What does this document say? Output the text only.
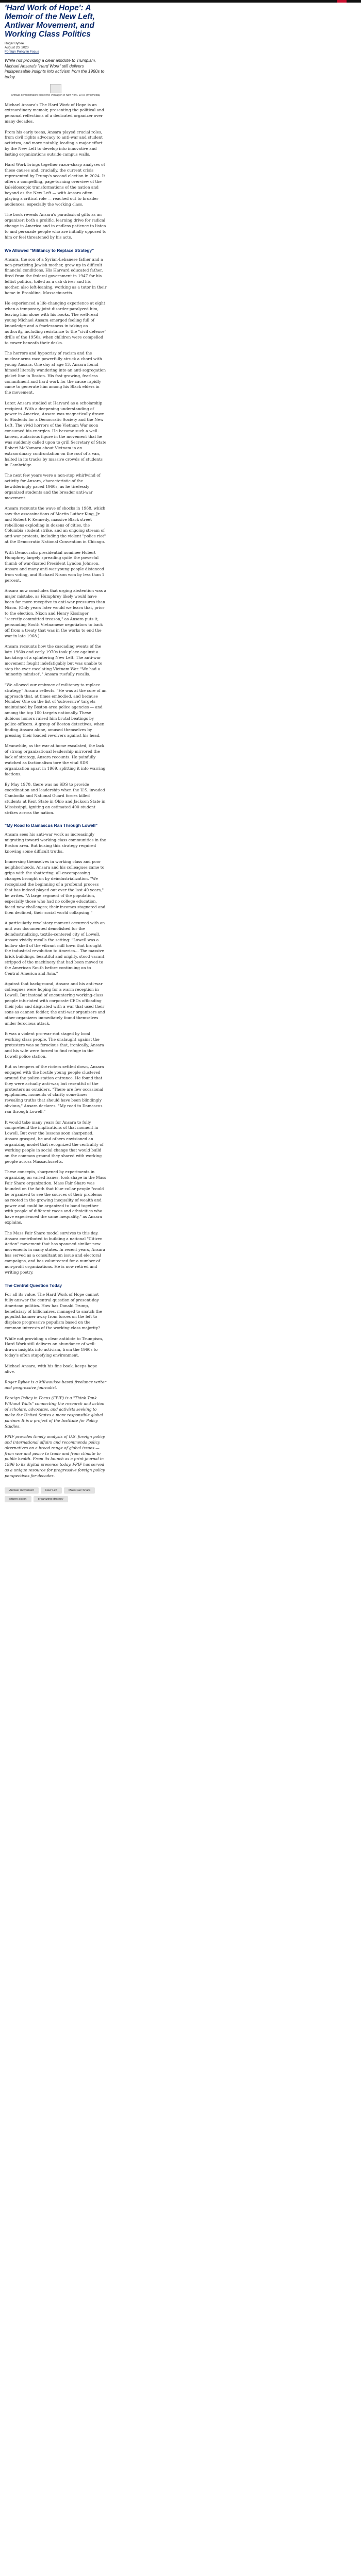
'Hard Work of Hope': A Memoir of the New Left, Antiwar Movement, and Working Class Politics
Roger Bybee
August 20, 2020
Foreign Policy in Focus
While not providing a clear antidote to Trumpism, Michael Ansara's "Hard Work" still delivers indispensable insights into activism from the 1960s to today.
Antiwar demonstrators picket the Pentagon in New York. 1970. (Wikimedia)

Michael Ansara's The Hard Work of Hope is an extraordinary memoir, presenting the political and personal reflections of a dedicated organizer over many decades.

From his early teens, Ansara played crucial roles, from civil rights advocacy to anti-war and student activism, and more notably, leading a major effort by the New Left to develop into innovative and lasting organizations outside campus walls.

Hard Work brings together razor-sharp analyses of these causes and, crucially, the current crisis represented by Trump's second election in 2024. It offers a compelling, page-turning overview of the kaleidoscopic transformations of the nation and beyond as the New Left — with Ansara often playing a critical role — reached out to broader audiences, especially the working class.

The book reveals Ansara's paradoxical gifts as an organizer: both a prolific, learning drive for radical change in America and in endless patience to listen to and persuade people who are initially opposed to him or feel threatened by his acts.

We Allowed "Militancy to Replace Strategy"

Ansara, the son of a Syrian-Lebanese father and a non-practicing Jewish mother, grew up in difficult financial conditions. His Harvard educated father, fired from the federal government in 1947 for his leftist politics, toiled as a cab driver and his mother, also left-leaning, working as a tutor in their home in Brookline, Massachusetts.

He experienced a life-changing experience at eight when a temporary joint disorder paralyzed him, leaving him alone with his books. The well-read young Michael Ansara emerged feeling full of knowledge and a fearlessness in taking on authority, including resistance to the "civil defense" drills of the 1950s, when children were compelled to cower beneath their desks.

The horrors and hypocrisy of racism and the nuclear arms race powerfully struck a chord with young Ansara. One day at age 13, Ansara found himself literally wandering into an anti-segregation picket line in Boston. His fast-growing, fearless commitment and hard work for the cause rapidly came to generate him among his Black elders in the movement.

Later, Ansara studied at Harvard as a scholarship recipient. With a deepening understanding of power in America, Ansara was magnetically drawn to Students for a Democratic Society and the New Left. The vivid horrors of the Vietnam War soon consumed his energies. He became such a well-known, audacious figure in the movement that he was suddenly called upon to grill Secretary of State Robert McNamara about Vietnam in an extraordinary confrontation on the roof of a van, halted in its tracks by massive crowds of students in Cambridge.

The next few years were a non-stop whirlwind of activity for Ansara, characteristic of the bewilderingly paced 1960s, as he tirelessly organized students and the broader anti-war movement.

Ansara recounts the wave of shocks in 1968, which saw the assassinations of Martin Luther King, Jr. and Robert F. Kennedy, massive Black street rebellions exploding in dozens of cities, the Columbia student strike, and an ongoing stream of anti-war protests, including the violent "police riot" at the Democratic National Convention in Chicago.

With Democratic presidential nominee Hubert Humphrey largely spreading quite the powerful thumb of war-fixated President Lyndon Johnson, Ansara and many anti-war young people distanced from voting, and Richard Nixon won by less than 1 percent.

Ansara now concludes that urging abstention was a major mistake, as Humphrey likely would have been far more receptive to anti-war pressures than Nixon. (Only years later would we learn that, prior to the election, Nixon and Henry Kissinger "secretly committed treason," as Ansara puts it, persuading South Vietnamese negotiators to back off from a treaty that was in the works to end the war in late 1968.)

Ansara recounts how the cascading events of the late 1960s and early 1970s took place against a backdrop of a splintering New Left. The anti-war movement fought indefatigably but was unable to stop the ever-escalating Vietnam War. "We had a 'minority mindset'," Ansara ruefully recalls.

"We allowed our embrace of militancy to replace strategy," Ansara reflects. "He was at the core of an approach that, at times embodied, and because Number One on the list of 'subversive' targets maintained by Boston-area police agencies — and among the top 100 targets nationally. These dubious honors raised him brutal beatings by police officers. A group of Boston detectives, when finding Ansara alone, amused themselves by pressing their loaded revolvers against his head.

Meanwhile, as the war at home escalated, the lack of strong organizational leadership mirrored the lack of strategy, Ansara recounts. He painfully watched as factionalism tore the vital SDS organization apart in 1969, splitting it into warring factions.

By May 1970, there was no SDS to provide coordination and leadership when the U.S. invaded Cambodia and National Guard forces killed students at Kent State in Ohio and Jackson State in Mississippi, igniting an estimated 400 student strikes across the nation.

"My Road to Damascus Ran Through Lowell"

Ansara sees his anti-war work as increasingly migrating toward working-class communities in the Boston area. But busing this strategy required knowing some difficult truths.

Immersing themselves in working class and poor neighborhoods, Ansara and his colleagues came to grips with the shattering, all-encompassing changes brought on by deindustrialization. "We recognized the beginning of a profound process that has indeed played out over the last 40 years," he writes. "A large segment of the population, especially those who had no college education, faced new challenges; their incomes stagnated and then declined, their social world collapsing."

A particularly revelatory moment occurred with an unit was documented demolished for the deindustrializing, textile-centered city of Lowell. Ansara vividly recalls the setting: "Lowell was a hollow shell of the vibrant mill town that brought the industrial revolution to America... The massive brick buildings, beautiful and mighty, stood vacant, stripped of the machinery that had been moved to the American South before continuing on to Central America and Asia."

Against that background, Ansara and his anti-war colleagues were hoping for a warm reception in Lowell. But instead of encountering working-class people infuriated with corporate CEOs offloading their jobs and disgusted with a war that used their sons as cannon fodder, the anti-war organizers and other organizers immediately found themselves under ferocious attack.

It was a violent pro-war riot staged by local working class people. The onslaught against the protesters was so ferocious that, ironically, Ansara and his wife were forced to find refuge in the Lowell police station.

But as tempers of the rioters settled down, Ansara engaged with the hostile young people clustered around the police-station entrance. He found that they were actually anti-war, but resentful of the protesters as outsiders. "There are few occasional epiphanies, moments of clarity sometimes revealing truths that should have been blindingly obvious," Ansara declares. "My road to Damascus ran through Lowell."

It would take many years for Ansara to fully comprehend the implications of that moment in Lowell. But over the lessons soon sharpened. Ansara grasped, he and others envisioned an organizing model that recognized the centrality of working people in social change that would build on the common ground they shared with working people across Massachusetts.

These concepts, sharpened by experiments in organizing on varied issues, took shape in the Mass Fair Share organization. Mass Fair Share was founded on the faith that blue-collar people "could be organized to see the sources of their problems as rooted in the growing inequality of wealth and power and could be organized to band together with people of different races and ethnicities who have experienced the same inequality," as Ansara explains.

The Mass Fair Share model survives to this day. Ansara contributed to building a national "Citizen Action" movement that has spawned similar new movements in many states. In recent years, Ansara has served as a consultant on issue and electoral campaigns, and has volunteered for a number of non-profit organizations. He is now retired and writing poetry.

The Central Question Today

For all its value, The Hard Work of Hope cannot fully answer the central question of present-day American politics. How has Donald Trump, beneficiary of billionaires, managed to snatch the populist banner away from forces on the left to displace progressive populism based on the common interests of the working class majority?

While not providing a clear antidote to Trumpism, Hard Work still delivers an abundance of well-drawn insights into activism, from the 1960s to today's often stupefying environment.

Michael Ansara, with his fine book, keeps hope alive.

Roger Bybee is a Milwaukee-based freelance writer and progressive journalist.

Foreign Policy in Focus (FPIF) is a "Think Tank Without Walls" connecting the research and action of scholars, advocates, and activists seeking to make the United States a more responsible global partner. It is a project of the Institute for Policy Studies.

FPIF provides timely analysis of U.S. foreign policy and international affairs and recommends policy alternatives on a broad range of global issues — from war and peace to trade and from climate to public health. From its launch as a print journal in 1996 to its digital presence today, FPIF has served as a unique resource for progressive foreign policy perspectives for decades.

Antiwar movement	New Left	Mass Fair Share
citizen action	organizing strategy
